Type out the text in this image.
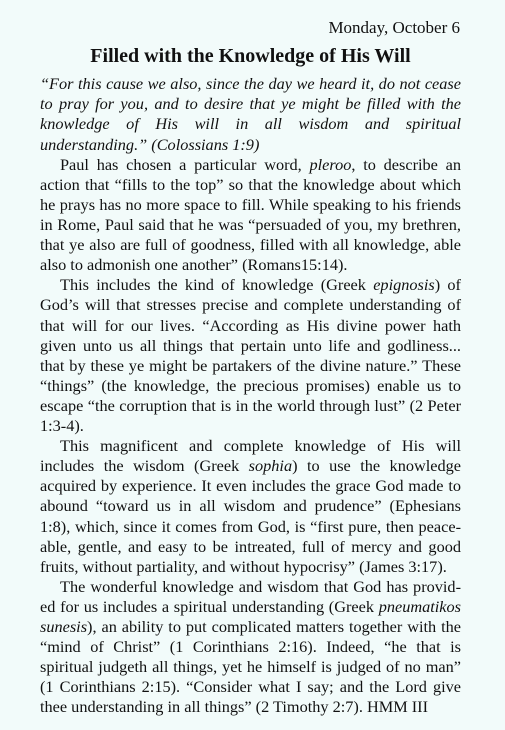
Monday, October 6
Filled with the Knowledge of His Will

“For this cause we also, since the day we heard it, do not cease to pray for you, and to desire that ye might be filled with the knowledge of His will in all wisdom and spiritual understanding.” (Colossians 1:9)

Paul has chosen a particular word, pleroo, to describe an action that “fills to the top” so that the knowledge about which he prays has no more space to fill. While speaking to his friends in Rome, Paul said that he was “persuaded of you, my brethren, that ye also are full of goodness, filled with all knowledge, able also to admonish one another” (Romans15:14).

This includes the kind of knowledge (Greek epignosis) of God’s will that stresses precise and complete understanding of that will for our lives. “According as His divine power hath given unto us all things that pertain unto life and godliness... that by these ye might be partakers of the divine nature.” These “things” (the knowledge, the precious promises) enable us to escape “the corruption that is in the world through lust” (2 Peter 1:3-4).

This magnificent and complete knowledge of His will includes the wisdom (Greek sophia) to use the knowledge acquired by experience. It even includes the grace God made to abound “toward us in all wisdom and prudence” (Ephesians 1:8), which, since it comes from God, is “first pure, then peace-able, gentle, and easy to be intreated, full of mercy and good fruits, without partiality, and without hypocrisy” (James 3:17).

The wonderful knowledge and wisdom that God has provid-ed for us includes a spiritual understanding (Greek pneumatikos sunesis), an ability to put complicated matters together with the “mind of Christ” (1 Corinthians 2:16). Indeed, “he that is spiritual judgeth all things, yet he himself is judged of no man” (1 Corinthians 2:15). “Consider what I say; and the Lord give thee understanding in all things” (2 Timothy 2:7). HMM III
